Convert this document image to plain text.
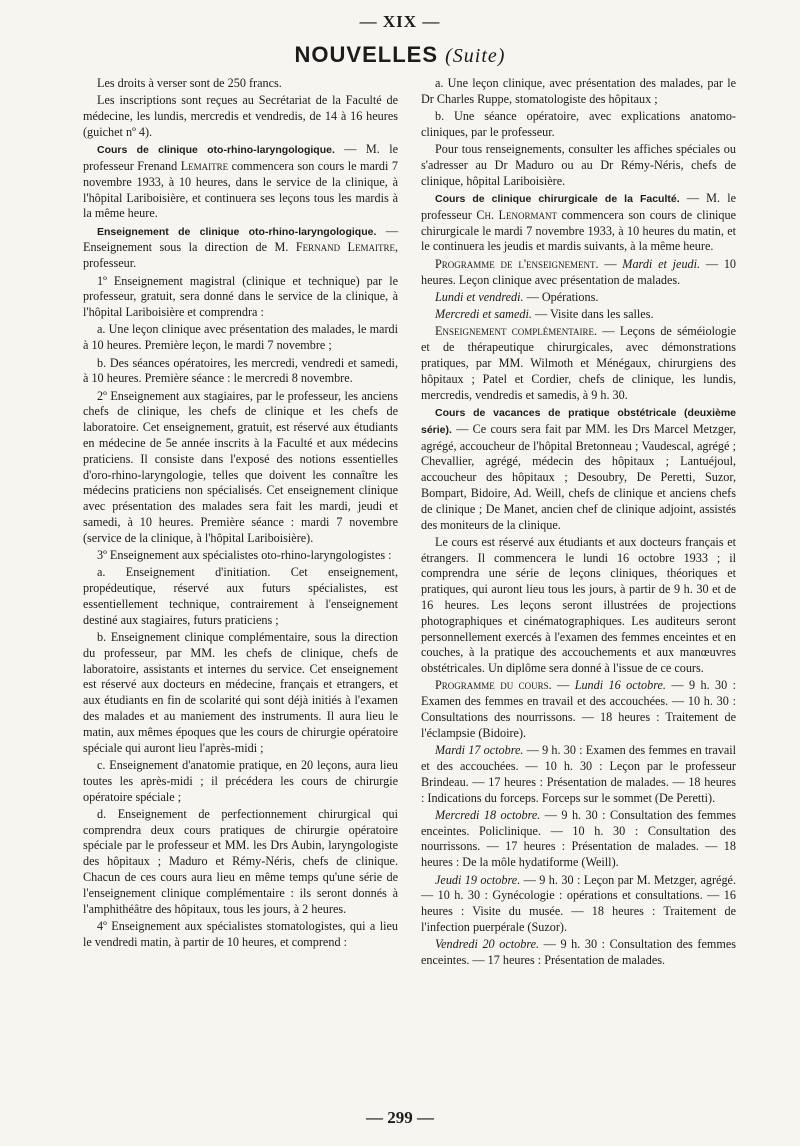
— XIX —
NOUVELLES (Suite)

Les droits à verser sont de 250 francs.

Les inscriptions sont reçues au Secrétariat de la Faculté de médecine, les lundis, mercredis et vendredis, de 14 à 16 heures (guichet nº 4).

Cours de clinique oto-rhino-laryngologique. — M. le professeur Frenand Lemaitre commencera son cours le mardi 7 novembre 1933, à 10 heures, dans le service de la clinique, à l'hôpital Lariboisière, et continuera ses leçons tous les mardis à la même heure.

Enseignement de clinique oto-rhino-laryngologique. — Enseignement sous la direction de M. Fernand Lemaitre, professeur.

1º Enseignement magistral (clinique et technique) par le professeur, gratuit, sera donné dans le service de la clinique, à l'hôpital Lariboisière et comprendra :

a. Une leçon clinique avec présentation des malades, le mardi à 10 heures. Première leçon, le mardi 7 novembre ;

b. Des séances opératoires, les mercredi, vendredi et samedi, à 10 heures. Première séance : le mercredi 8 novembre.

2º Enseignement aux stagiaires, par le professeur, les anciens chefs de clinique, les chefs de clinique et les chefs de laboratoire. Cet enseignement, gratuit, est réservé aux étudiants en médecine de 5e année inscrits à la Faculté et aux médecins praticiens. Il consiste dans l'exposé des notions essentielles d'oro-rhino-laryngologie, telles que doivent les connaître les médecins praticiens non spécialisés. Cet enseignement clinique avec présentation des malades sera fait les mardi, jeudi et samedi, à 10 heures. Première séance : mardi 7 novembre (service de la clinique, à l'hôpital Lariboisière).

3º Enseignement aux spécialistes oto-rhino-laryngologistes :

a. Enseignement d'initiation. Cet enseignement, propédeutique, réservé aux futurs spécialistes, est essentiellement technique, contrairement à l'enseignement destiné aux stagiaires, futurs praticiens ;

b. Enseignement clinique complémentaire, sous la direction du professeur, par MM. les chefs de clinique, chefs de laboratoire, assistants et internes du service. Cet enseignement est réservé aux docteurs en médecine, français et etrangers, et aux étudiants en fin de scolarité qui sont déjà initiés à l'examen des malades et au maniement des instruments. Il aura lieu le matin, aux mêmes époques que les cours de chirurgie opératoire spéciale qui auront lieu l'après-midi ;

c. Enseignement d'anatomie pratique, en 20 leçons, aura lieu toutes les après-midi ; il précédera les cours de chirurgie opératoire spéciale ;

d. Enseignement de perfectionnement chirurgical qui comprendra deux cours pratiques de chirurgie opératoire spéciale par le professeur et MM. les Drs Aubin, laryngologiste des hôpitaux ; Maduro et Rémy-Néris, chefs de clinique. Chacun de ces cours aura lieu en même temps qu'une série de l'enseignement clinique complémentaire : ils seront donnés à l'amphithéâtre des hôpitaux, tous les jours, à 2 heures.

4º Enseignement aux spécialistes stomatologistes, qui a lieu le vendredi matin, à partir de 10 heures, et comprend :

a. Une leçon clinique, avec présentation des malades, par le Dr Charles Ruppe, stomatologiste des hôpitaux ;

b. Une séance opératoire, avec explications anatomo-cliniques, par le professeur.

Pour tous renseignements, consulter les affiches spéciales ou s'adresser au Dr Maduro ou au Dr Rémy-Néris, chefs de clinique, hôpital Lariboisière.

Cours de clinique chirurgicale de la Faculté. — M. le professeur Ch. Lenormant commencera son cours de clinique chirurgicale le mardi 7 novembre 1933, à 10 heures du matin, et le continuera les jeudis et mardis suivants, à la même heure.

Programme de l'enseignement. — Mardi et jeudi. — 10 heures. Leçon clinique avec présentation de malades.

Lundi et vendredi. — Opérations.

Mercredi et samedi. — Visite dans les salles.

Enseignement complémentaire. — Leçons de séméiologie et de thérapeutique chirurgicales, avec démonstrations pratiques, par MM. Wilmoth et Ménégaux, chirurgiens des hôpitaux ; Patel et Cordier, chefs de clinique, les lundis, mercredis, vendredis et samedis, à 9 h. 30.

Cours de vacances de pratique obstétricale (deuxième série). — Ce cours sera fait par MM. les Drs Marcel Metzger, agrégé, accoucheur de l'hôpital Bretonneau ; Vaudescal, agrégé ; Chevallier, agrégé, médecin des hôpitaux ; Lantuéjoul, accoucheur des hôpitaux ; Desoubry, De Peretti, Suzor, Bompart, Bidoire, Ad. Weill, chefs de clinique et anciens chefs de clinique ; De Manet, ancien chef de clinique adjoint, assistés des moniteurs de la clinique.

Le cours est réservé aux étudiants et aux docteurs français et étrangers. Il commencera le lundi 16 octobre 1933 ; il comprendra une série de leçons cliniques, théoriques et pratiques, qui auront lieu tous les jours, à partir de 9 h. 30 et de 16 heures. Les leçons seront illustrées de projections photographiques et cinématographiques. Les auditeurs seront personnellement exercés à l'examen des femmes enceintes et en couches, à la pratique des accouchements et aux manœuvres obstétricales. Un diplôme sera donné à l'issue de ce cours.

Programme du cours. — Lundi 16 octobre. — 9 h. 30 : Examen des femmes en travail et des accouchées. — 10 h. 30 : Consultations des nourrissons. — 18 heures : Traitement de l'éclampsie (Bidoire).

Mardi 17 octobre. — 9 h. 30 : Examen des femmes en travail et des accouchées. — 10 h. 30 : Leçon par le professeur Brindeau. — 17 heures : Présentation de malades. — 18 heures : Indications du forceps. Forceps sur le sommet (De Peretti).

Mercredi 18 octobre. — 9 h. 30 : Consultation des femmes enceintes. Policlinique. — 10 h. 30 : Consultation des nourrissons. — 17 heures : Présentation de malades. — 18 heures : De la môle hydatiforme (Weill).

Jeudi 19 octobre. — 9 h. 30 : Leçon par M. Metzger, agrégé. — 10 h. 30 : Gynécologie : opérations et consultations. — 16 heures : Visite du musée. — 18 heures : Traitement de l'infection puerpérale (Suzor).

Vendredi 20 octobre. — 9 h. 30 : Consultation des femmes enceintes. — 17 heures : Présentation de malades.

— 299 —
